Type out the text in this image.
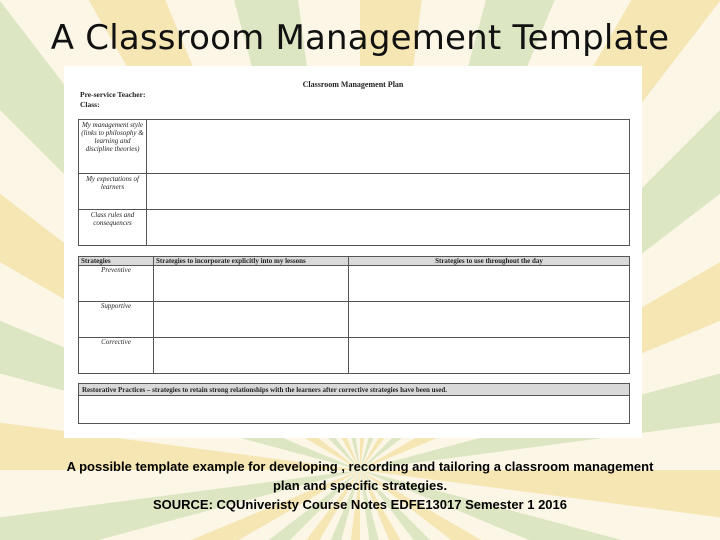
A Classroom Management Template
Classroom Management Plan
Pre-service Teacher:
Class:
My management style (links to philosophy & learning and discipline theories)	
My expectations of learners	
Class rules and consequences	
Strategies	Strategies to incorporate explicitly into my lessons	Strategies to use throughout the day
Preventive		
Supportive		
Corrective		
Restorative Practices – strategies to retain strong relationships with the learners after corrective strategies have been used.

A possible template example for developing , recording and tailoring a classroom management
plan and specific strategies.
SOURCE: CQUniveristy Course Notes EDFE13017 Semester 1 2016
